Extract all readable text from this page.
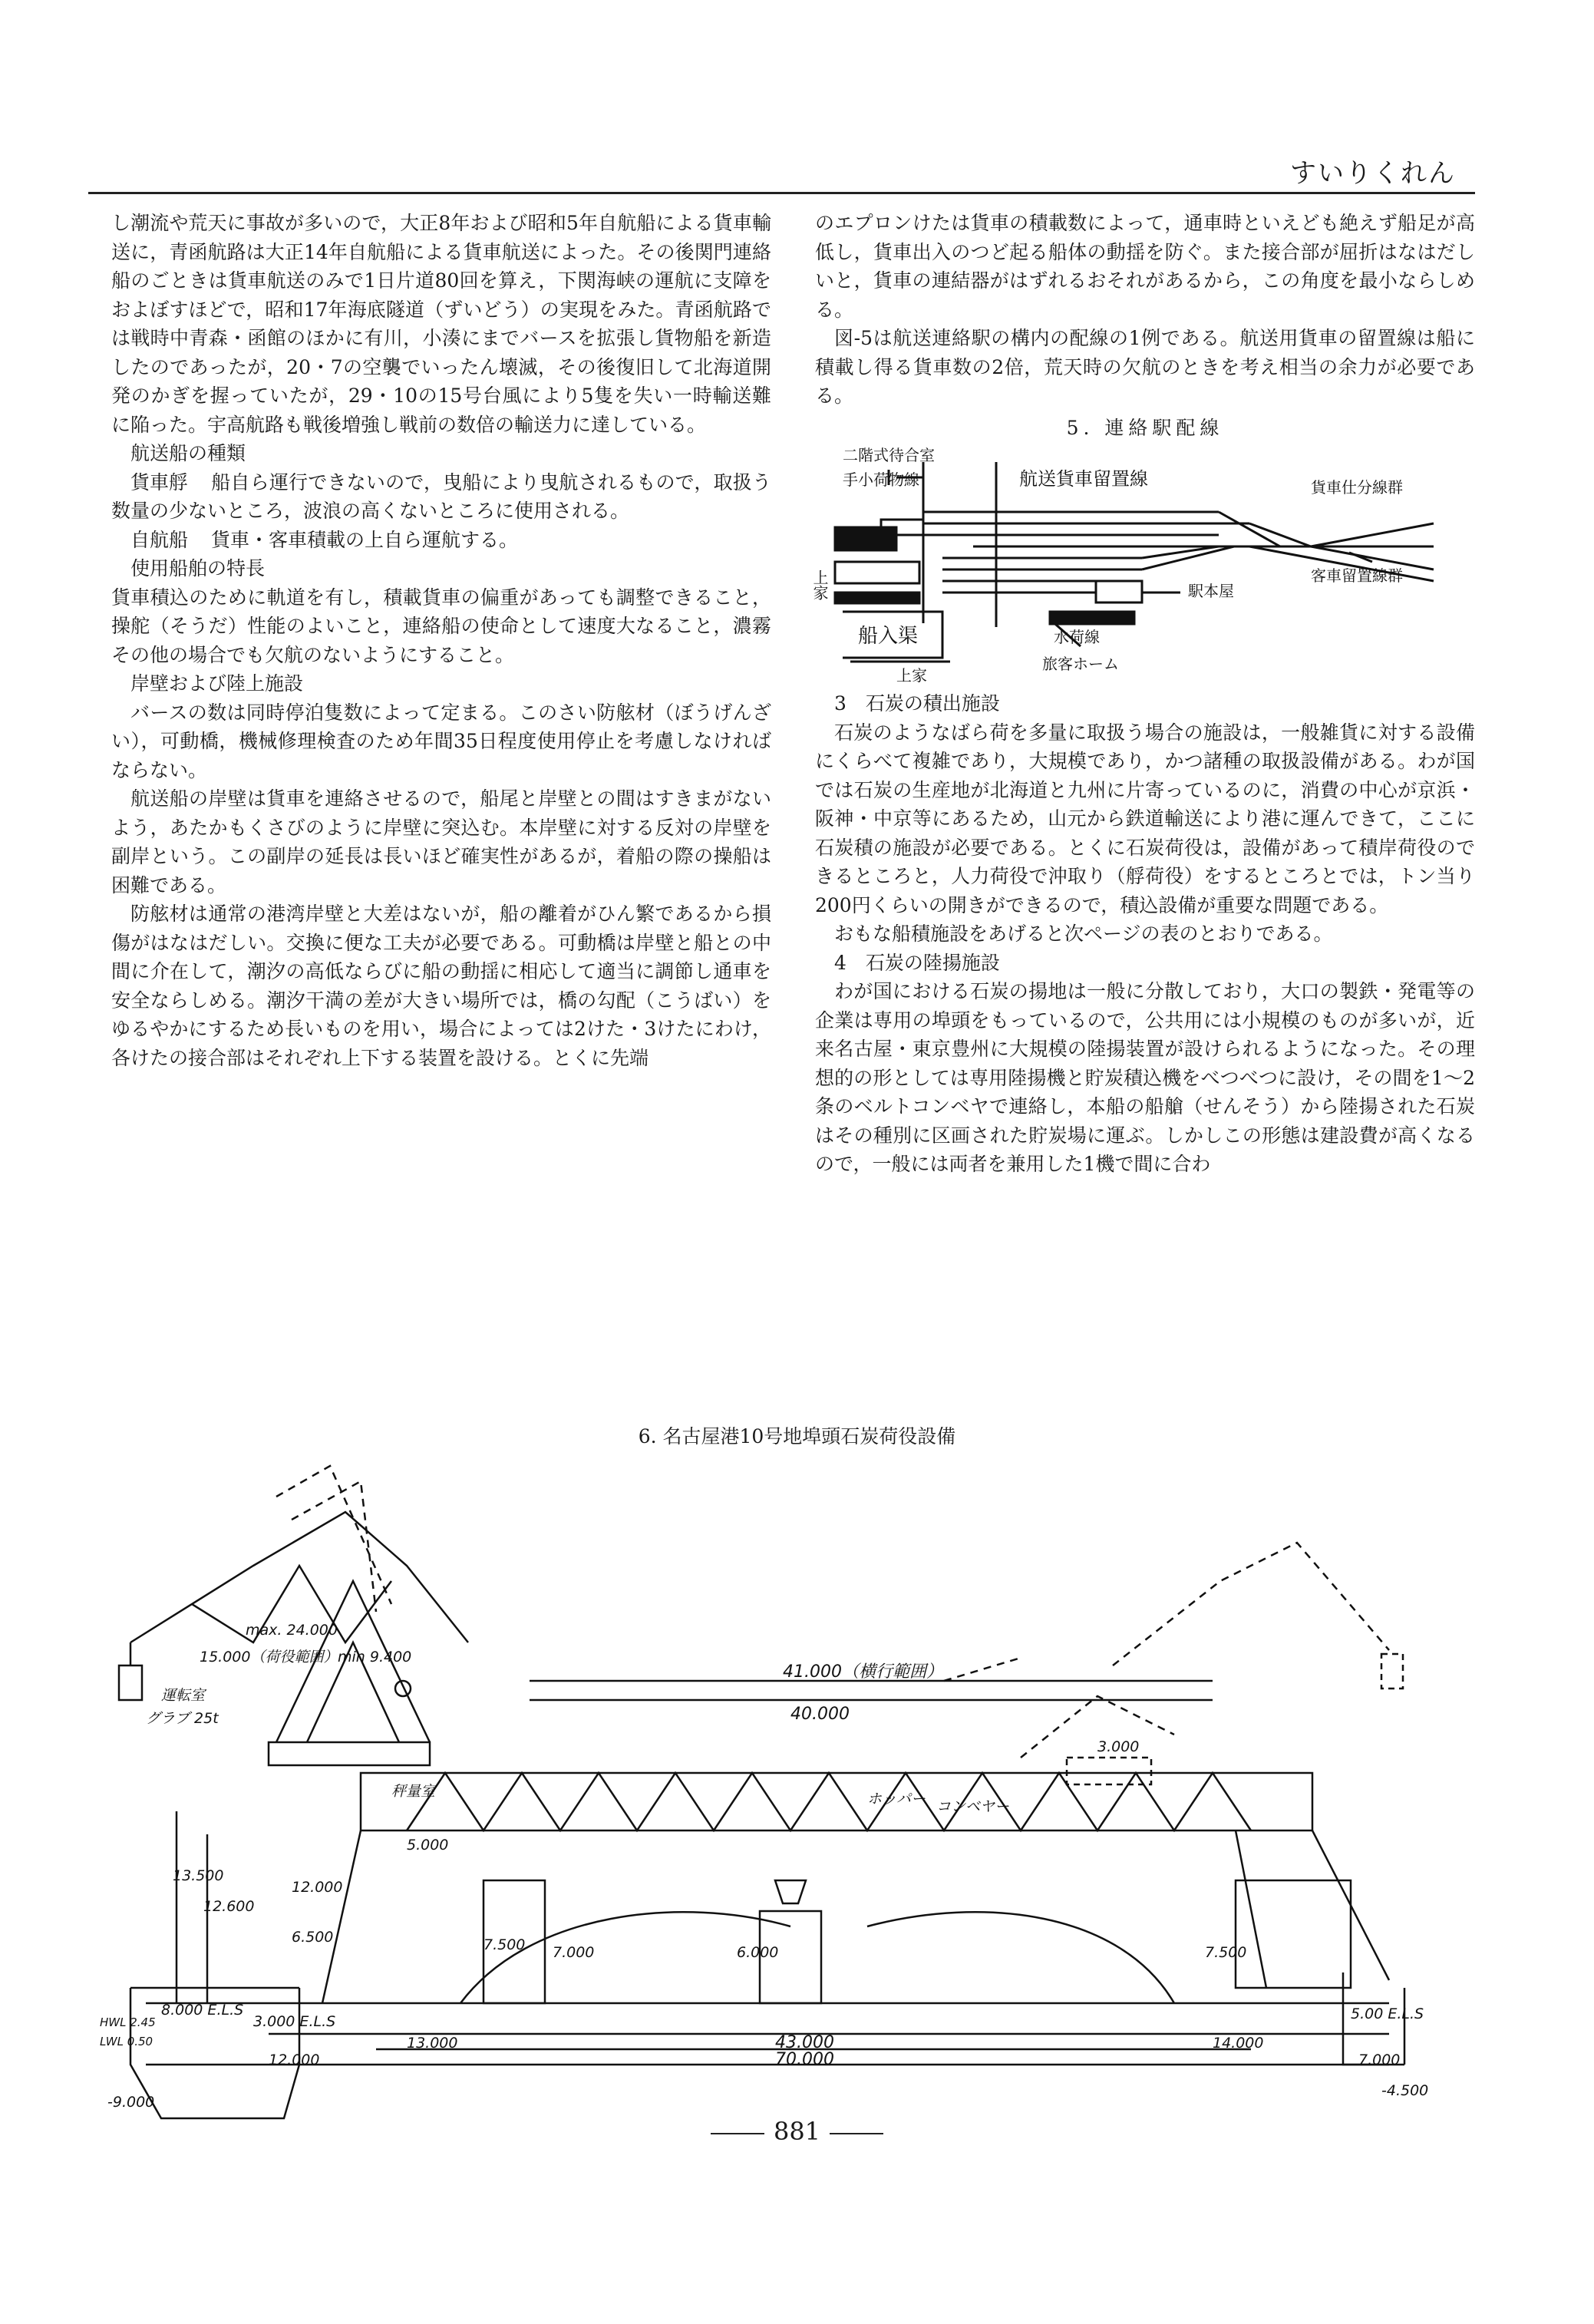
すいりくれん

し潮流や荒天に事故が多いので，大正8年および昭和5年自航船による貨車輸送に，青函航路は大正14年自航船による貨車航送によった。その後関門連絡船のごときは貨車航送のみで1日片道80回を算え，下関海峡の運航に支障をおよぼすほどで，昭和17年海底隧道（ずいどう）の実現をみた。青函航路では戦時中青森・函館のほかに有川，小湊にまでバースを拡張し貨物船を新造したのであったが，20・7の空襲でいったん壊滅，その後復旧して北海道開発のかぎを握っていたが，29・10の15号台風により5隻を失い一時輸送難に陥った。宇高航路も戦後増強し戦前の数倍の輸送力に達している。

航送船の種類

貨車艀 船自ら運行できないので，曳船により曳航されるもので，取扱う数量の少ないところ，波浪の高くないところに使用される。

自航船 貨車・客車積載の上自ら運航する。

使用船舶の特長

貨車積込のために軌道を有し，積載貨車の偏重があっても調整できること，操舵（そうだ）性能のよいこと，連絡船の使命として速度大なること，濃霧その他の場合でも欠航のないようにすること。

岸壁および陸上施設

バースの数は同時停泊隻数によって定まる。このさい防舷材（ぼうげんざい），可動橋，機械修理検査のため年間35日程度使用停止を考慮しなければならない。

航送船の岸壁は貨車を連絡させるので，船尾と岸壁との間はすきまがないよう，あたかもくさびのように岸壁に突込む。本岸壁に対する反対の岸壁を副岸という。この副岸の延長は長いほど確実性があるが，着船の際の操船は困難である。

防舷材は通常の港湾岸壁と大差はないが，船の離着がひん繁であるから損傷がはなはだしい。交換に便な工夫が必要である。可動橋は岸壁と船との中間に介在して，潮汐の高低ならびに船の動揺に相応して適当に調節し通車を安全ならしめる。潮汐干満の差が大きい場所では，橋の勾配（こうばい）をゆるやかにするため長いものを用い，場合によっては2けた・3けたにわけ，各けたの接合部はそれぞれ上下する装置を設ける。とくに先端

のエプロンけたは貨車の積載数によって，通車時といえども絶えず船足が高低し，貨車出入のつど起る船体の動揺を防ぐ。また接合部が屈折はなはだしいと，貨車の連結器がはずれるおそれがあるから，この角度を最小ならしめる。

図-5は航送連絡駅の構内の配線の1例である。航送用貨車の留置線は船に積載し得る貨車数の2倍，荒天時の欠航のときを考え相当の余力が必要である。

5. 連絡駅配線

二階式待合室
手小荷物線	航送貨車留置線	貨車仕分線群
客車留置線群
上家	駅本屋
船入渠	水荷線
旅客ホーム
上家

3　石炭の積出施設

石炭のようなばら荷を多量に取扱う場合の施設は，一般雑貨に対する設備にくらべて複雑であり，大規模であり，かつ諸種の取扱設備がある。わが国では石炭の生産地が北海道と九州に片寄っているのに，消費の中心が京浜・阪神・中京等にあるため，山元から鉄道輸送により港に運んできて，ここに石炭積の施設が必要である。とくに石炭荷役は，設備があって積岸荷役のできるところと，人力荷役で沖取り（艀荷役）をするところとでは，トン当り200円くらいの開きができるので，積込設備が重要な問題である。

おもな船積施設をあげると次ページの表のとおりである。

4　石炭の陸揚施設

わが国における石炭の揚地は一般に分散しており，大口の製鉄・発電等の企業は専用の埠頭をもっているので，公共用には小規模のものが多いが，近来名古屋・東京豊州に大規模の陸揚装置が設けられるようになった。その理想的の形としては専用陸揚機と貯炭積込機をべつべつに設け，その間を1～2条のベルトコンベヤで連絡し，本船の船艙（せんそう）から陸揚された石炭はその種別に区画された貯炭場に運ぶ。しかしこの形態は建設費が高くなるので，一般には両者を兼用した1機で間に合わ

6. 名古屋港10号地埠頭石炭荷役設備
max. 24.000
15.000（荷役範囲） min 9.400
運転室
グラブ 25t
41.000（横行範囲）
40.000
秤量室	ホッパー コンベヤー
13.500
12.600
5.000
12.000
6.500	7.500 7.000	6.000	7.500
3.000
8.000 E.L.S
3.000 E.L.S
HWL 2.45
LWL 0.50
12.000
13.000	43.000
70.000
14.000
7.000
5.00 E.L.S
-4.500
-9.000
881
